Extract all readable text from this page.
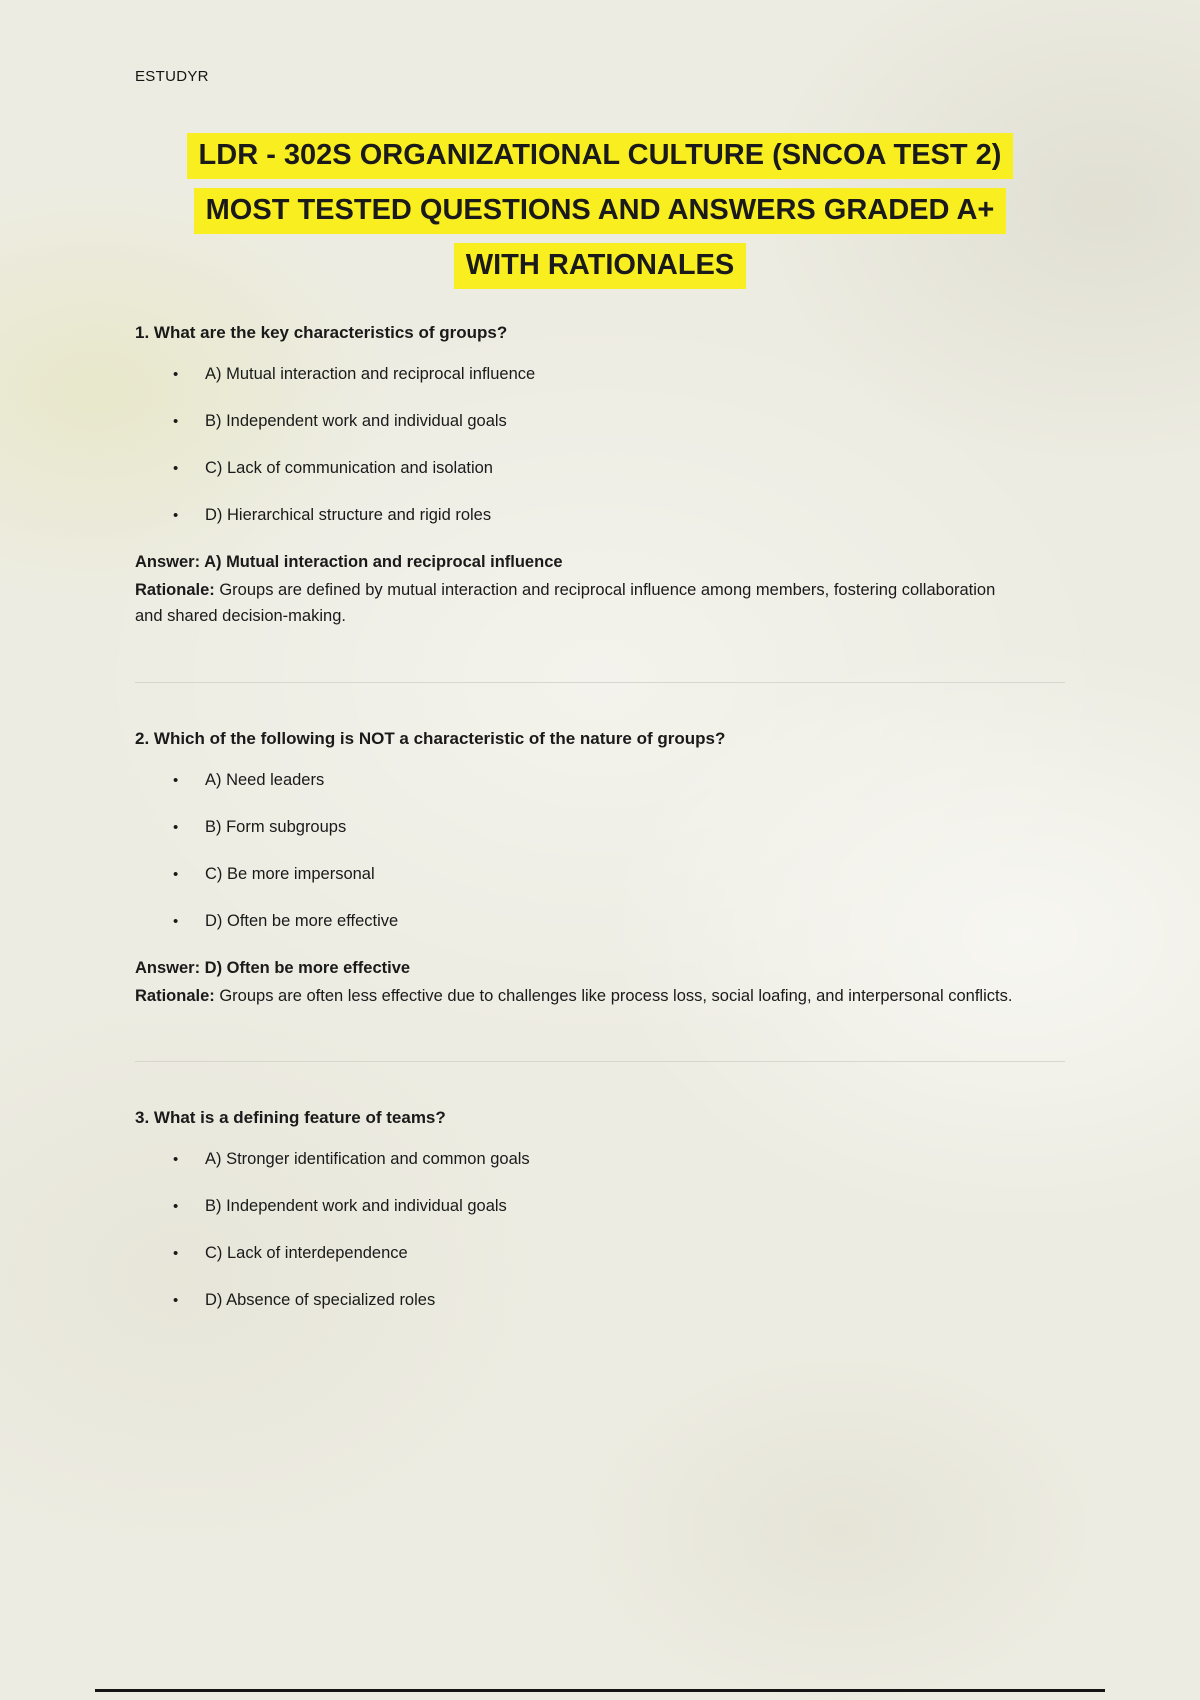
ESTUDYR
LDR - 302S ORGANIZATIONAL CULTURE (SNCOA TEST 2)
MOST TESTED QUESTIONS AND ANSWERS GRADED A+
WITH RATIONALES

1. What are the key characteristics of groups?

•	A) Mutual interaction and reciprocal influence
•	B) Independent work and individual goals
•	C) Lack of communication and isolation
•	D) Hierarchical structure and rigid roles

Answer: A) Mutual interaction and reciprocal influence

Rationale: Groups are defined by mutual interaction and reciprocal influence among members, fostering collaboration and shared decision-making.

2. Which of the following is NOT a characteristic of the nature of groups?

•	A) Need leaders
•	B) Form subgroups
•	C) Be more impersonal
•	D) Often be more effective

Answer: D) Often be more effective

Rationale: Groups are often less effective due to challenges like process loss, social loafing, and interpersonal conflicts.

3. What is a defining feature of teams?

•	A) Stronger identification and common goals
•	B) Independent work and individual goals
•	C) Lack of interdependence
•	D) Absence of specialized roles
